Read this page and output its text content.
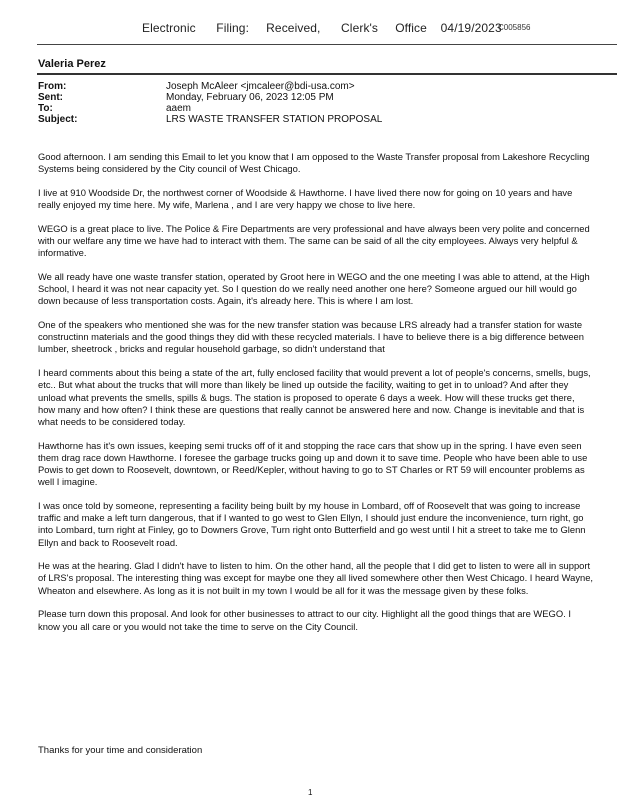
Electronic      Filing:     Received,      Clerk's     Office    04/19/2023
C005856
Valeria Perez
From:	Joseph McAleer <jmcaleer@bdi-usa.com>
Sent:	Monday, February 06, 2023 12:05 PM
To:	aaem
Subject:	LRS WASTE TRANSFER STATION PROPOSAL

Good afternoon. I am sending this Email to let you know that I am opposed to the Waste Transfer proposal from Lakeshore Recycling Systems being considered by the City council of West Chicago.

I live at 910 Woodside Dr, the northwest corner of Woodside & Hawthorne. I have lived there now for going on 10 years and have really enjoyed my time here. My wife, Marlena , and I are very happy we chose to live here.

WEGO is a great place to live. The Police & Fire Departments are very professional and have always been very polite and concerned with our welfare any time we have had to interact with them. The same can be said of all the city employees. Always very helpful & informative.

We all ready have one waste transfer station, operated by Groot here in WEGO and the one meeting I was able to attend, at the High School, I heard it was not near capacity yet. So I question do we really need another one here? Someone argued our hill would go down because of less transportation costs. Again, it's already here. This is where I am lost.

One of the speakers who mentioned she was for the new transfer station was because LRS already had a transfer station for waste constructinn materials and the good things they did with these recycled materials. I have to believe there is a big difference between lumber, sheetrock , bricks and regular household garbage, so didn't understand that

I heard comments about this being a state of the art, fully enclosed facility that would prevent a lot of people's concerns, smells, bugs, etc.. But what about the trucks that will more than likely be lined up outside the facility, waiting to get in to unload? And after they unload what prevents the smells, spills & bugs. The station is proposed to operate 6 days a week. How will these trucks get there, how many and how often? I think these are questions that really cannot be answered here and now. Change is inevitable and that is what needs to be considered today.

Hawthorne has it's own issues, keeping semi trucks off of it and stopping the race cars that show up in the spring. I have even seen them drag race down Hawthorne. I foresee the garbage trucks going up and down it to save time. People who have been able to use Powis to get down to Roosevelt, downtown, or Reed/Kepler, without having to go to ST Charles or RT 59 will encounter problems as well I imagine.

I was once told by someone, representing a facility being built by my house in Lombard, off of Roosevelt that was going to increase traffic and make a left turn dangerous, that if I wanted to go west to Glen Ellyn, I should just endure the inconvenience, turn right, go into Lombard, turn right at Finley, go to Downers Grove, Turn right onto Butterfield and go west until I hit a street to take me to Glenn Ellyn and back to Roosevelt road.

He was at the hearing. Glad I didn't have to listen to him. On the other hand, all the people that I did get to listen to were all in support of LRS's proposal. The interesting thing was except for maybe one they all lived somewhere other then West Chicago. I heard Wayne, Wheaton and elsewhere. As long as it is not built in my town I would be all for it was the message given by these folks.

Please turn down this proposal. And look for other businesses to attract to our city. Highlight all the good things that are WEGO. I know you all care or you would not take the time to serve on the City Council.

Thanks for your time and consideration
1
